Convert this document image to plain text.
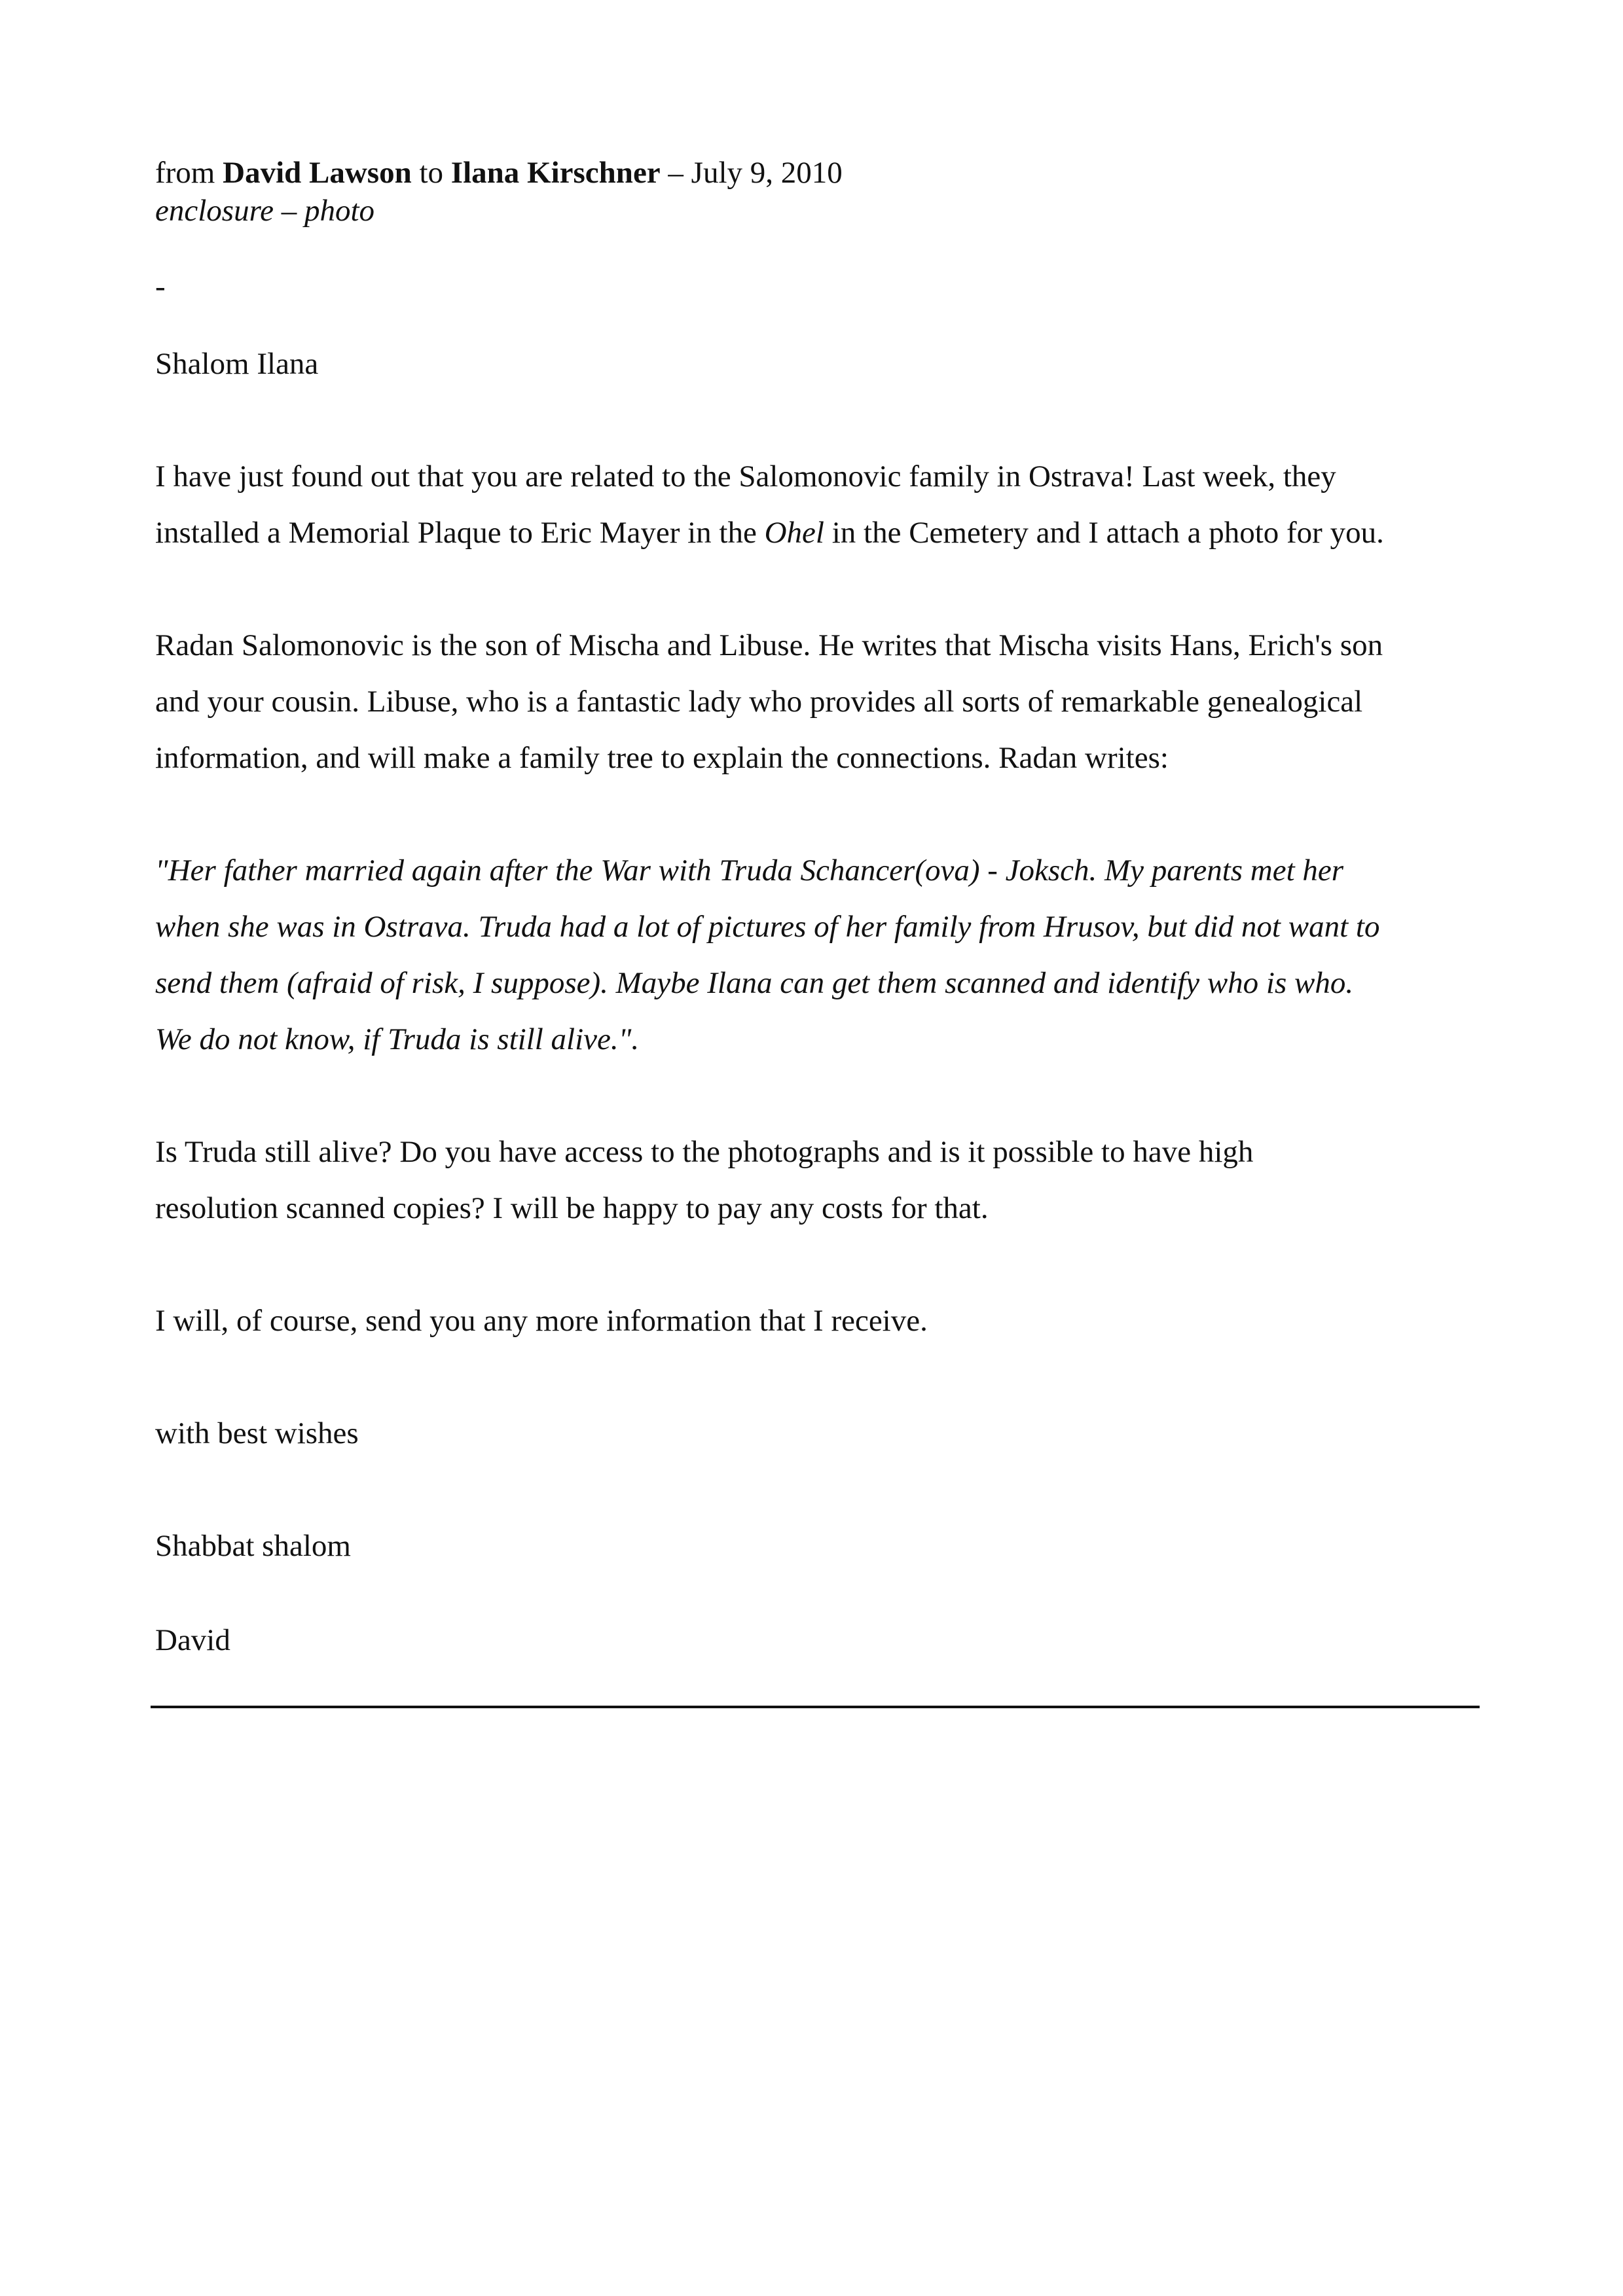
from David Lawson to Ilana Kirschner – July 9, 2010

enclosure – photo

-

Shalom Ilana

I have just found out that you are related to the Salomonovic family in Ostrava! Last week, they

installed a Memorial Plaque to Eric Mayer in the Ohel in the Cemetery and I attach a photo for you.

Radan Salomonovic is the son of Mischa and Libuse. He writes that Mischa visits Hans, Erich's son

and your cousin. Libuse, who is a fantastic lady who provides all sorts of remarkable genealogical

information, and will make a family tree to explain the connections. Radan writes:

"Her father married again after the War with Truda Schancer(ova) - Joksch. My parents met her

when she was in Ostrava. Truda had a lot of pictures of her family from Hrusov, but did not want to

send them (afraid of risk, I suppose). Maybe Ilana can get them scanned and identify who is who.

We do not know, if Truda is still alive.".

Is Truda still alive? Do you have access to the photographs and is it possible to have high

resolution scanned copies? I will be happy to pay any costs for that.

I will, of course, send you any more information that I receive.

with best wishes

Shabbat shalom

David
